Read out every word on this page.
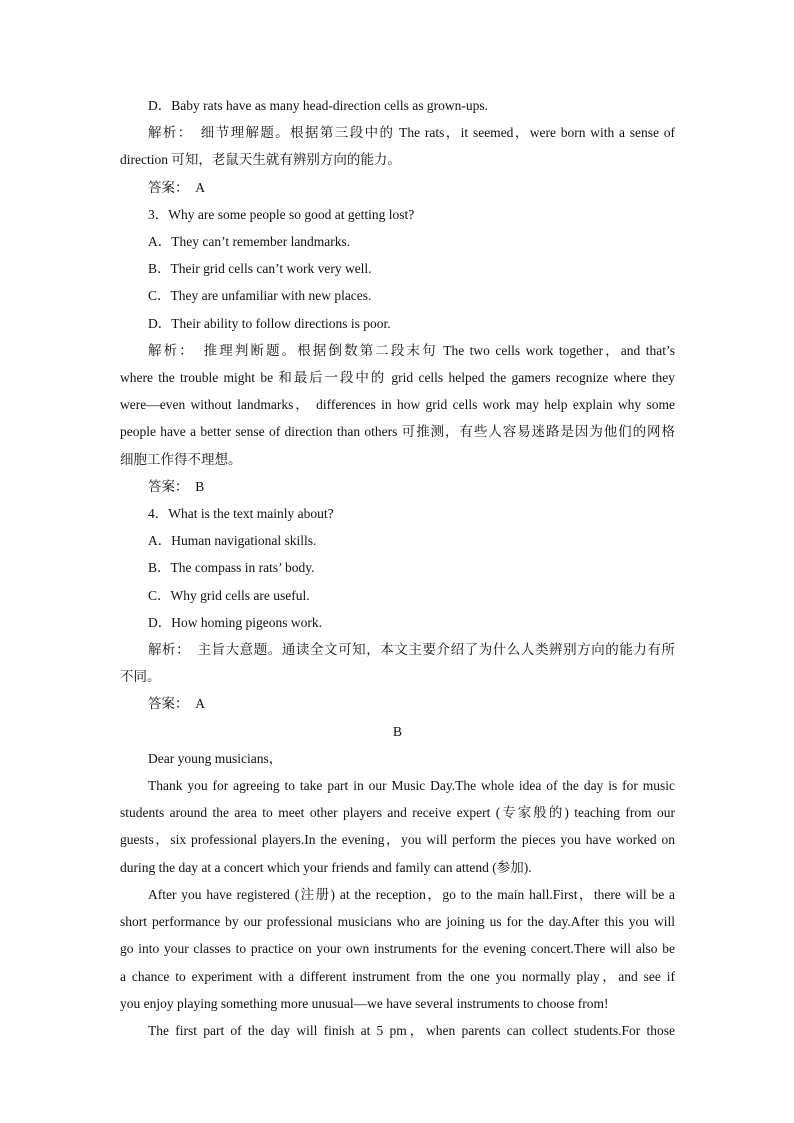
D．Baby rats have as many head-direction cells as grown-ups.
解析：　细节理解题。根据第三段中的 The rats，it seemed，were born with a sense of
direction 可知，老鼠天生就有辨别方向的能力。
答案：　A
3．Why are some people so good at getting lost?
A．They can’t remember landmarks.
B．Their grid cells can’t work very well.
C．They are unfamiliar with new places.
D．Their ability to follow directions is poor.
解析：　推理判断题。根据倒数第二段末句 The two cells work together，and that’s
where the trouble might be 和最后一段中的 grid cells helped the gamers recognize where they
were—even without landmarks， differences in how grid cells work may help explain why some
people have a better sense of direction than others 可推测，有些人容易迷路是因为他们的网格
细胞工作得不理想。
答案：　B
4．What is the text mainly about?
A．Human navigational skills.
B．The compass in rats’ body.
C．Why grid cells are useful.
D．How homing pigeons work.
解析：　主旨大意题。通读全文可知，本文主要介绍了为什么人类辨别方向的能力有所
不同。
答案：　A
B
Dear young musicians，
Thank you for agreeing to take part in our Music Day.The whole idea of the day is for music
students around the area to meet other players and receive expert (专家般的) teaching from our
guests，six professional players.In the evening，you will perform the pieces you have worked on
during the day at a concert which your friends and family can attend (参加).
After you have registered (注册) at the reception，go to the main hall.First，there will be a
short performance by our professional musicians who are joining us for the day.After this you will
go into your classes to practice on your own instruments for the evening concert.There will also be
a chance to experiment with a different instrument from the one you normally play，and see if
you enjoy playing something more unusual—we have several instruments to choose from!
The first part of the day will finish at 5 pm，when parents can collect students.For those
